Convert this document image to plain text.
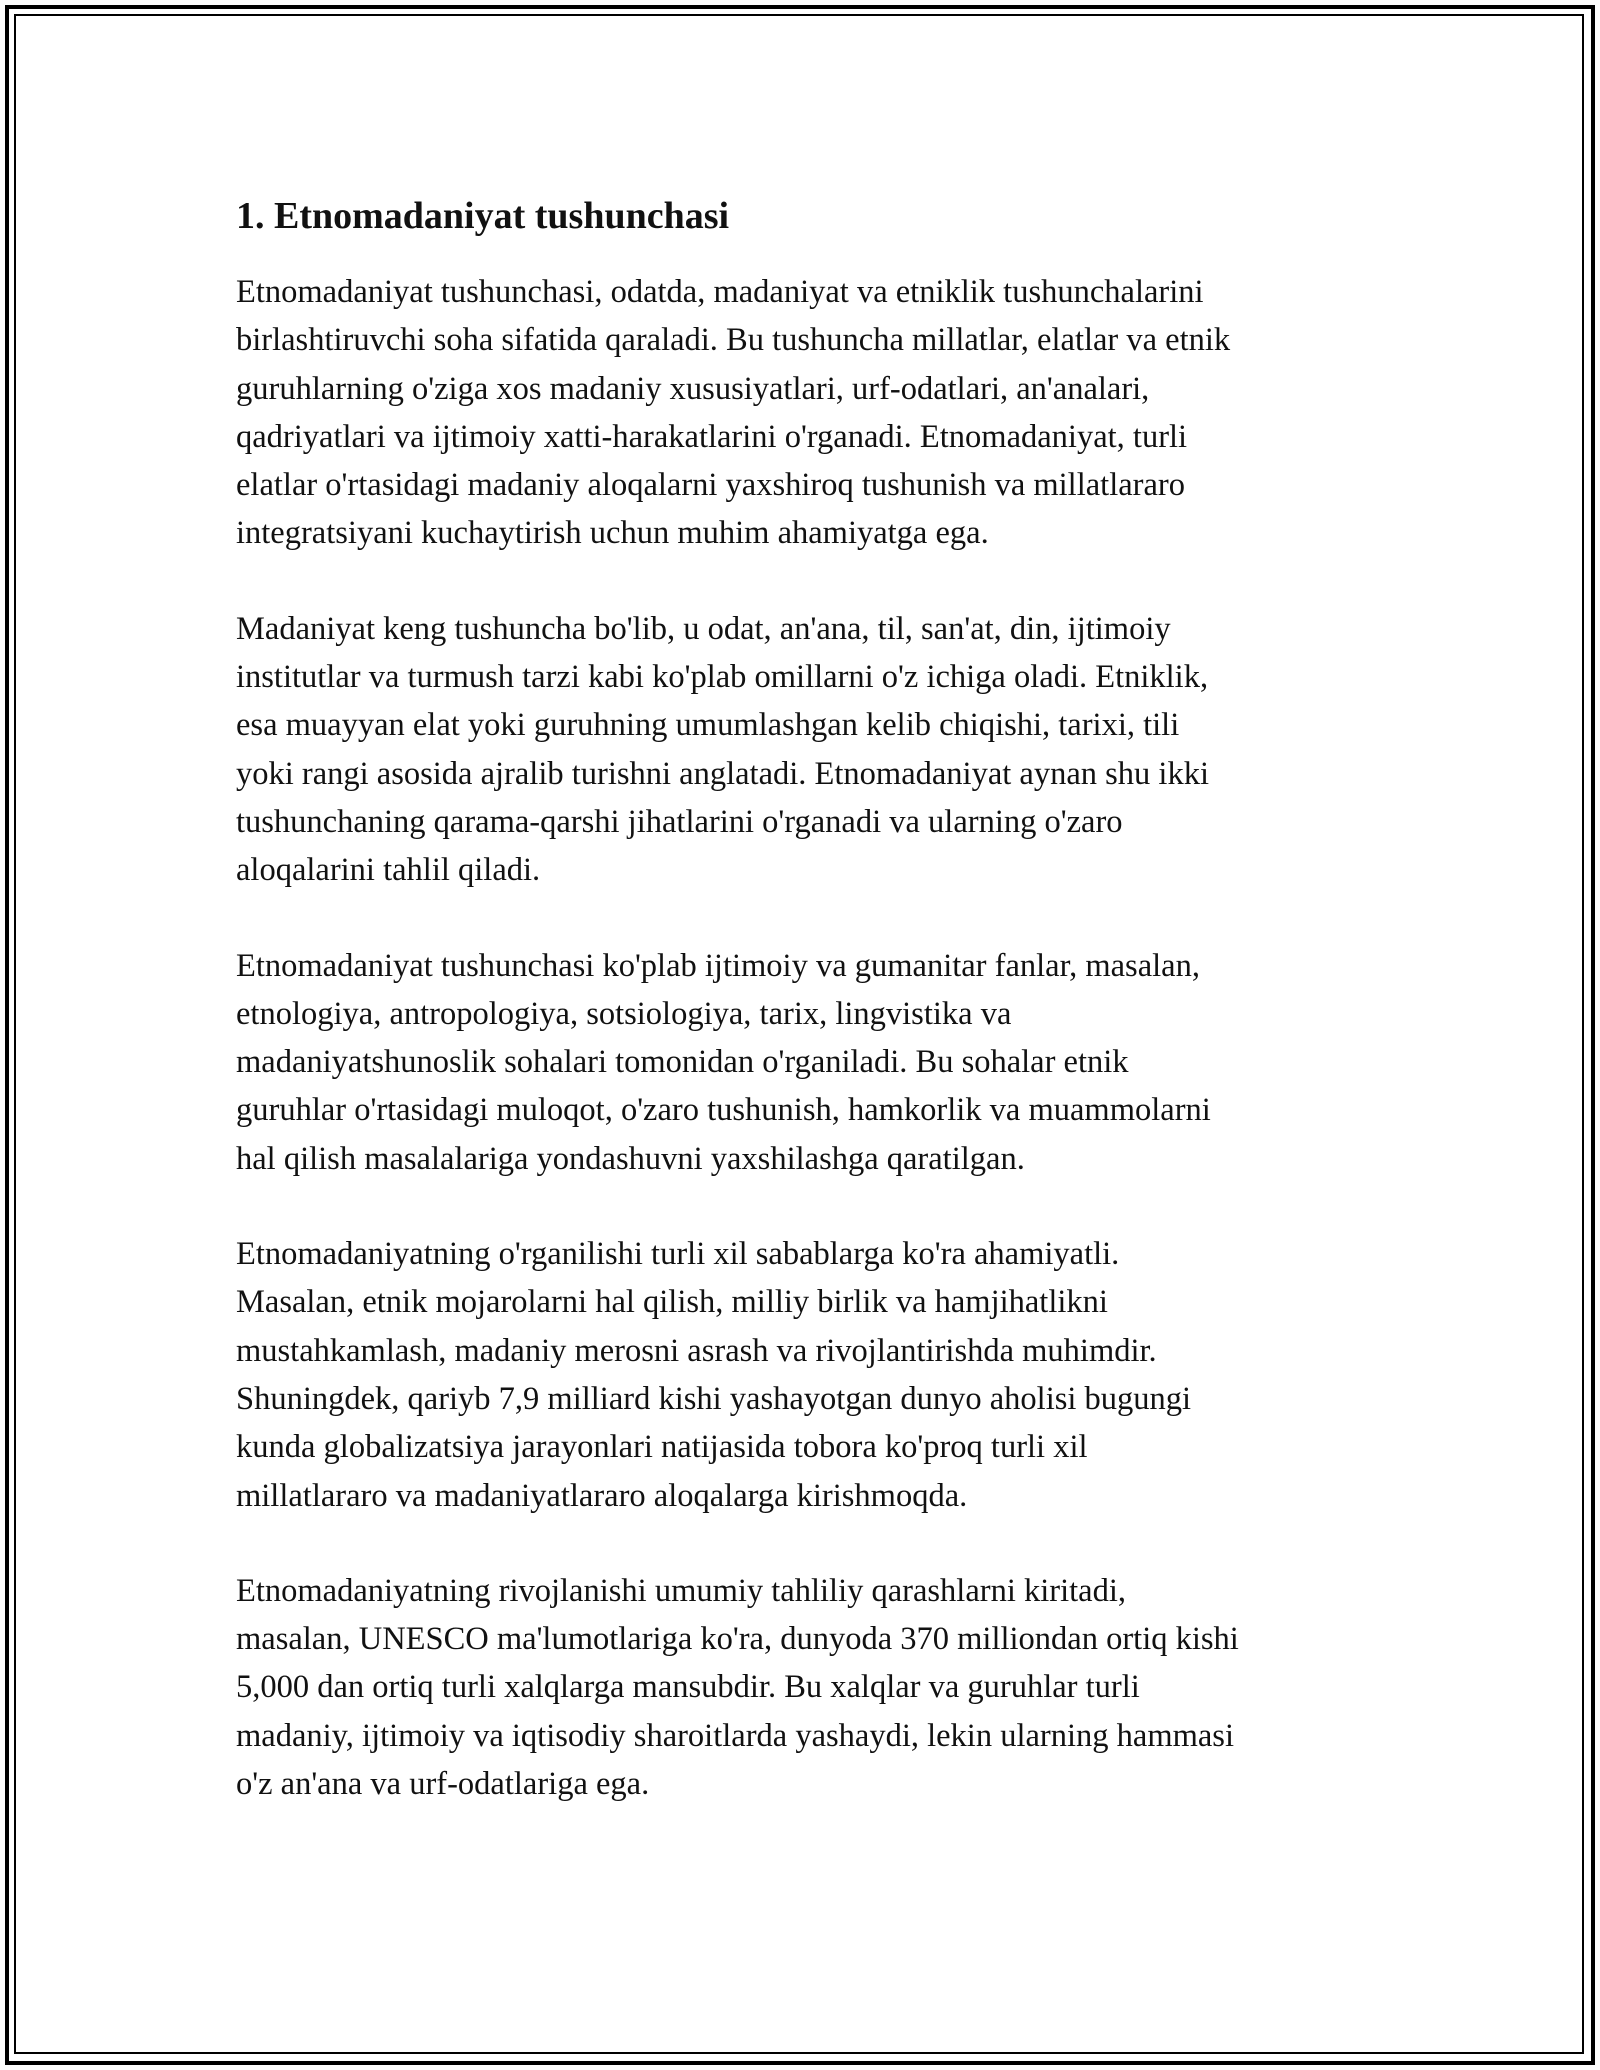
1. Etnomadaniyat tushunchasi

Etnomadaniyat tushunchasi, odatda, madaniyat va etniklik tushunchalarini
birlashtiruvchi soha sifatida qaraladi. Bu tushuncha millatlar, elatlar va etnik
guruhlarning o'ziga xos madaniy xususiyatlari, urf-odatlari, an'analari,
qadriyatlari va ijtimoiy xatti-harakatlarini o'rganadi. Etnomadaniyat, turli
elatlar o'rtasidagi madaniy aloqalarni yaxshiroq tushunish va millatlararo
integratsiyani kuchaytirish uchun muhim ahamiyatga ega.

Madaniyat keng tushuncha bo'lib, u odat, an'ana, til, san'at, din, ijtimoiy
institutlar va turmush tarzi kabi ko'plab omillarni o'z ichiga oladi. Etniklik,
esa muayyan elat yoki guruhning umumlashgan kelib chiqishi, tarixi, tili
yoki rangi asosida ajralib turishni anglatadi. Etnomadaniyat aynan shu ikki
tushunchaning qarama-qarshi jihatlarini o'rganadi va ularning o'zaro
aloqalarini tahlil qiladi.

Etnomadaniyat tushunchasi ko'plab ijtimoiy va gumanitar fanlar, masalan,
etnologiya, antropologiya, sotsiologiya, tarix, lingvistika va
madaniyatshunoslik sohalari tomonidan o'rganiladi. Bu sohalar etnik
guruhlar o'rtasidagi muloqot, o'zaro tushunish, hamkorlik va muammolarni
hal qilish masalalariga yondashuvni yaxshilashga qaratilgan.

Etnomadaniyatning o'rganilishi turli xil sabablarga ko'ra ahamiyatli.
Masalan, etnik mojarolarni hal qilish, milliy birlik va hamjihatlikni
mustahkamlash, madaniy merosni asrash va rivojlantirishda muhimdir.
Shuningdek, qariyb 7,9 milliard kishi yashayotgan dunyo aholisi bugungi
kunda globalizatsiya jarayonlari natijasida tobora ko'proq turli xil
millatlararo va madaniyatlararo aloqalarga kirishmoqda.

Etnomadaniyatning rivojlanishi umumiy tahliliy qarashlarni kiritadi,
masalan, UNESCO ma'lumotlariga ko'ra, dunyoda 370 milliondan ortiq kishi
5,000 dan ortiq turli xalqlarga mansubdir. Bu xalqlar va guruhlar turli
madaniy, ijtimoiy va iqtisodiy sharoitlarda yashaydi, lekin ularning hammasi
o'z an'ana va urf-odatlariga ega.
